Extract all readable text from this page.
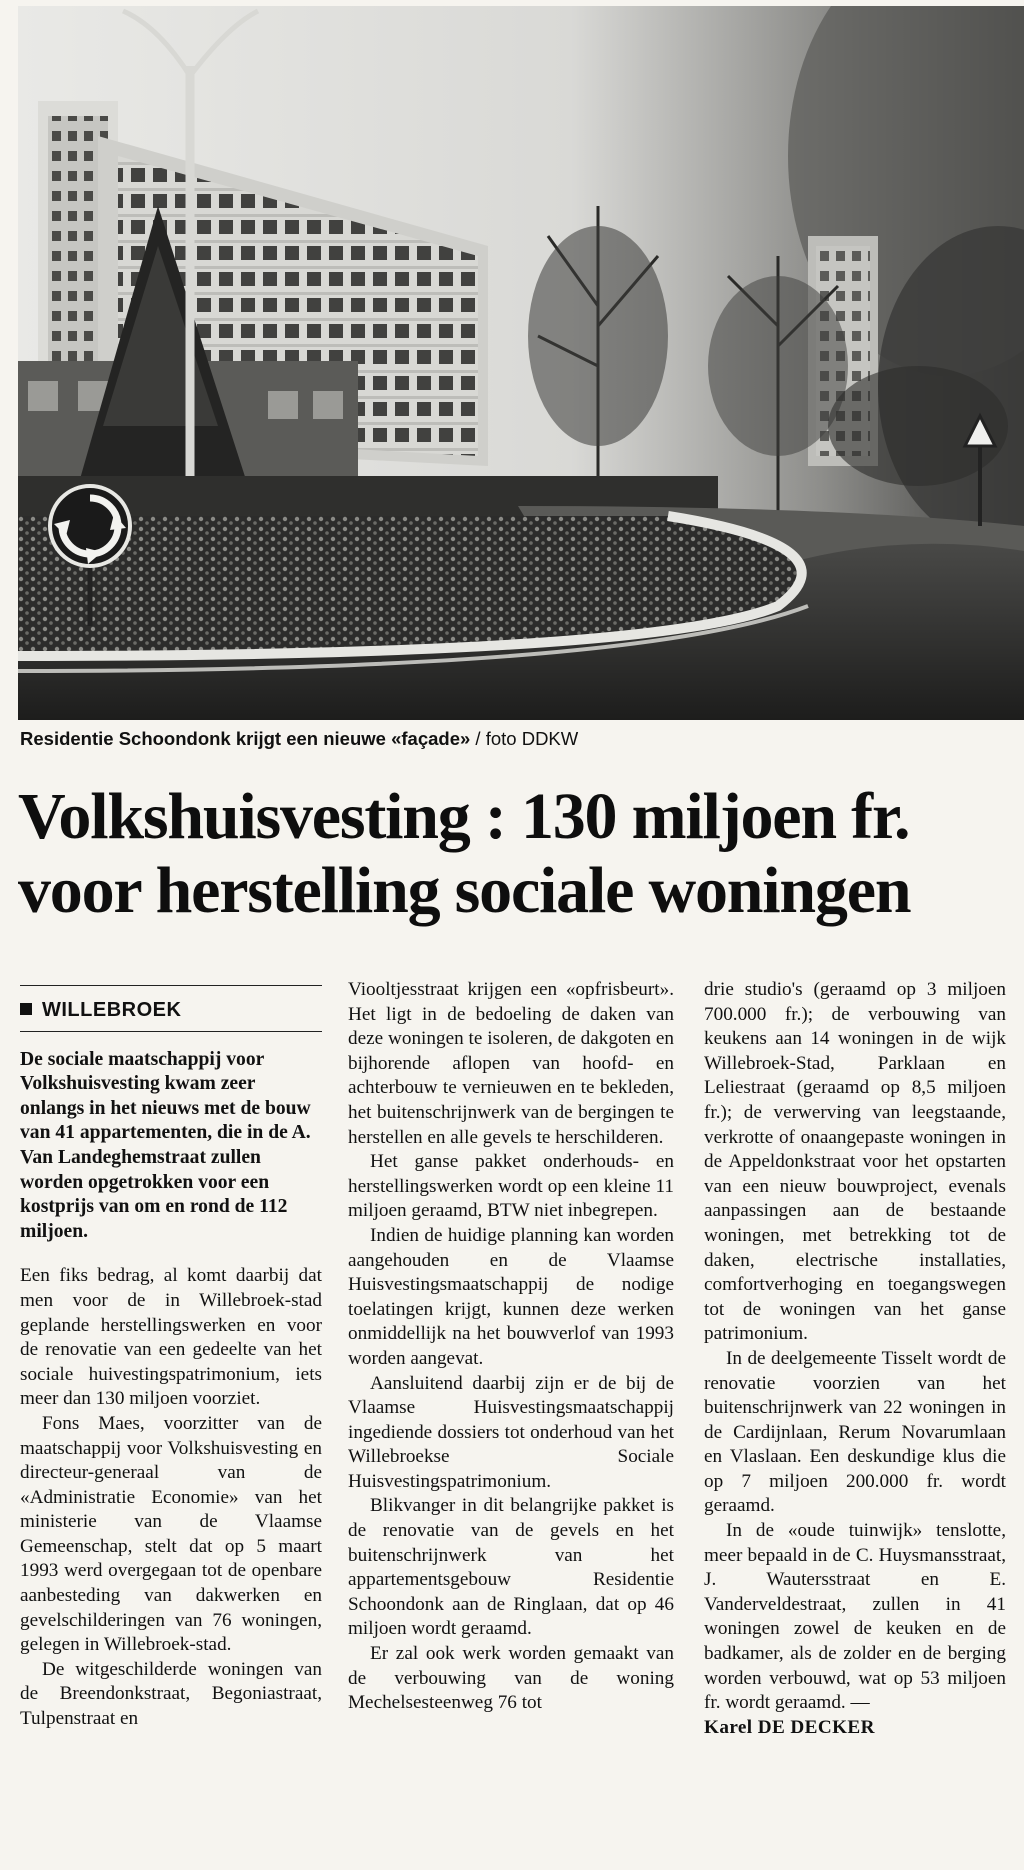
Residentie Schoondonk krijgt een nieuwe «façade» / foto DDKW
Volkshuisvesting : 130 miljoen fr.
voor herstelling sociale woningen
WILLEBROEK

De sociale maatschappij voor Volkshuisvesting kwam zeer onlangs in het nieuws met de bouw van 41 appartementen, die in de A. Van Landeghemstraat zullen worden opgetrokken voor een kostprijs van om en rond de 112 miljoen.

Een fiks bedrag, al komt daarbij dat men voor de in Willebroek-stad geplande herstellingswerken en voor de renovatie van een gedeelte van het sociale huivestingspatrimonium, iets meer dan 130 miljoen voorziet.

Fons Maes, voorzitter van de maatschappij voor Volkshuisvesting en directeur-generaal van de «Administratie Economie» van het ministerie van de Vlaamse Gemeenschap, stelt dat op 5 maart 1993 werd overgegaan tot de openbare aanbesteding van dakwerken en gevelschilderingen van 76 woningen, gelegen in Willebroek-stad.

De witgeschilderde woningen van de Breendonkstraat, Begoniastraat, Tulpenstraat en

Viooltjesstraat krijgen een «opfrisbeurt». Het ligt in de bedoeling de daken van deze woningen te isoleren, de dakgoten en bijhorende aflopen van hoofd- en achterbouw te vernieuwen en te bekleden, het buitenschrijnwerk van de bergingen te herstellen en alle gevels te herschilderen.

Het ganse pakket onderhouds- en herstellingswerken wordt op een kleine 11 miljoen geraamd, BTW niet inbegrepen.

Indien de huidige planning kan worden aangehouden en de Vlaamse Huisvestingsmaatschappij de nodige toelatingen krijgt, kunnen deze werken onmiddellijk na het bouwverlof van 1993 worden aangevat.

Aansluitend daarbij zijn er de bij de Vlaamse Huisvestingsmaatschappij ingediende dossiers tot onderhoud van het Willebroekse Sociale Huisvestingspatrimonium.

Blikvanger in dit belangrijke pakket is de renovatie van de gevels en het buitenschrijnwerk van het appartementsgebouw Residentie Schoondonk aan de Ringlaan, dat op 46 miljoen wordt geraamd.

Er zal ook werk worden gemaakt van de verbouwing van de woning Mechelsesteenweg 76 tot

drie studio's (geraamd op 3 miljoen 700.000 fr.); de verbouwing van keukens aan 14 woningen in de wijk Willebroek-Stad, Parklaan en Leliestraat (geraamd op 8,5 miljoen fr.); de verwerving van leegstaande, verkrotte of onaangepaste woningen in de Appeldonkstraat voor het opstarten van een nieuw bouwproject, evenals aanpassingen aan de bestaande woningen, met betrekking tot de daken, electrische installaties, comfortverhoging en toegangswegen tot de woningen van het ganse patrimonium.

In de deelgemeente Tisselt wordt de renovatie voorzien van het buitenschrijnwerk van 22 woningen in de Cardijnlaan, Rerum Novarumlaan en Vlaslaan. Een deskundige klus die op 7 miljoen 200.000 fr. wordt geraamd.

In de «oude tuinwijk» tenslotte, meer bepaald in de C. Huysmansstraat, J. Wautersstraat en E. Vanderveldestraat, zullen in 41 woningen zowel de keuken en de badkamer, als de zolder en de berging worden verbouwd, wat op 53 miljoen fr. wordt geraamd. —

Karel DE DECKER
